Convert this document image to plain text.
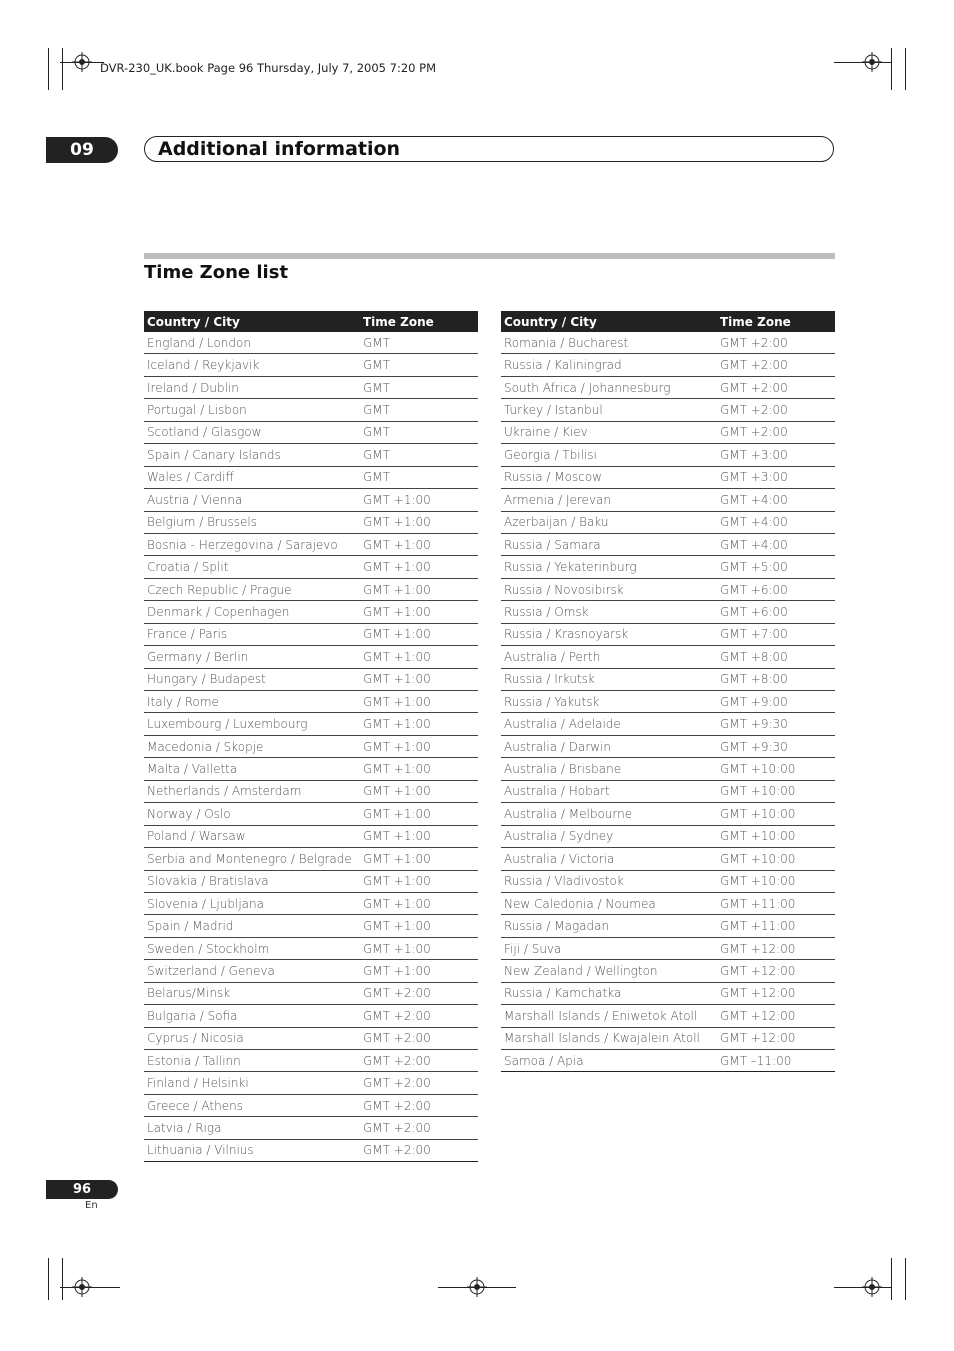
DVR-230_UK.book Page 96 Thursday, July 7, 2005 7:20 PM
09	Additional information
Time Zone list
Country / City	Time Zone
England / London	GMT
Iceland / Reykjavik	GMT
Ireland / Dublin	GMT
Portugal / Lisbon	GMT
Scotland / Glasgow	GMT
Spain / Canary Islands	GMT
Wales / Cardiff	GMT
Austria / Vienna	GMT +1:00
Belgium / Brussels	GMT +1:00
Bosnia - Herzegovina / Sarajevo	GMT +1:00
Croatia / Split	GMT +1:00
Czech Republic / Prague	GMT +1:00
Denmark / Copenhagen	GMT +1:00
France / Paris	GMT +1:00
Germany / Berlin	GMT +1:00
Hungary / Budapest	GMT +1:00
Italy / Rome	GMT +1:00
Luxembourg / Luxembourg	GMT +1:00
Macedonia / Skopje	GMT +1:00
Malta / Valletta	GMT +1:00
Netherlands / Amsterdam	GMT +1:00
Norway / Oslo	GMT +1:00
Poland / Warsaw	GMT +1:00
Serbia and Montenegro / Belgrade	GMT +1:00
Slovakia / Bratislava	GMT +1:00
Slovenia / Ljubljana	GMT +1:00
Spain / Madrid	GMT +1:00
Sweden / Stockholm	GMT +1:00
Switzerland / Geneva	GMT +1:00
Belarus/Minsk	GMT +2:00
Bulgaria / Sofia	GMT +2:00
Cyprus / Nicosia	GMT +2:00
Estonia / Tallinn	GMT +2:00
Finland / Helsinki	GMT +2:00
Greece / Athens	GMT +2:00
Latvia / Riga	GMT +2:00
Lithuania / Vilnius	GMT +2:00
Country / City	Time Zone
Romania / Bucharest	GMT +2:00
Russia / Kaliningrad	GMT +2:00
South Africa / Johannesburg	GMT +2:00
Turkey / Istanbul	GMT +2:00
Ukraine / Kiev	GMT +2:00
Georgia / Tbilisi	GMT +3:00
Russia / Moscow	GMT +3:00
Armenia / Jerevan	GMT +4:00
Azerbaijan / Baku	GMT +4:00
Russia / Samara	GMT +4:00
Russia / Yekaterinburg	GMT +5:00
Russia / Novosibirsk	GMT +6:00
Russia / Omsk	GMT +6:00
Russia / Krasnoyarsk	GMT +7:00
Australia / Perth	GMT +8:00
Russia / Irkutsk	GMT +8:00
Russia / Yakutsk	GMT +9:00
Australia / Adelaide	GMT +9:30
Australia / Darwin	GMT +9:30
Australia / Brisbane	GMT +10:00
Australia / Hobart	GMT +10:00
Australia / Melbourne	GMT +10:00
Australia / Sydney	GMT +10:00
Australia / Victoria	GMT +10:00
Russia / Vladivostok	GMT +10:00
New Caledonia / Noumea	GMT +11:00
Russia / Magadan	GMT +11:00
Fiji / Suva	GMT +12:00
New Zealand / Wellington	GMT +12:00
Russia / Kamchatka	GMT +12:00
Marshall Islands / Eniwetok Atoll	GMT +12:00
Marshall Islands / Kwajalein Atoll	GMT +12:00
Samoa / Apia	GMT –11:00
96
En
